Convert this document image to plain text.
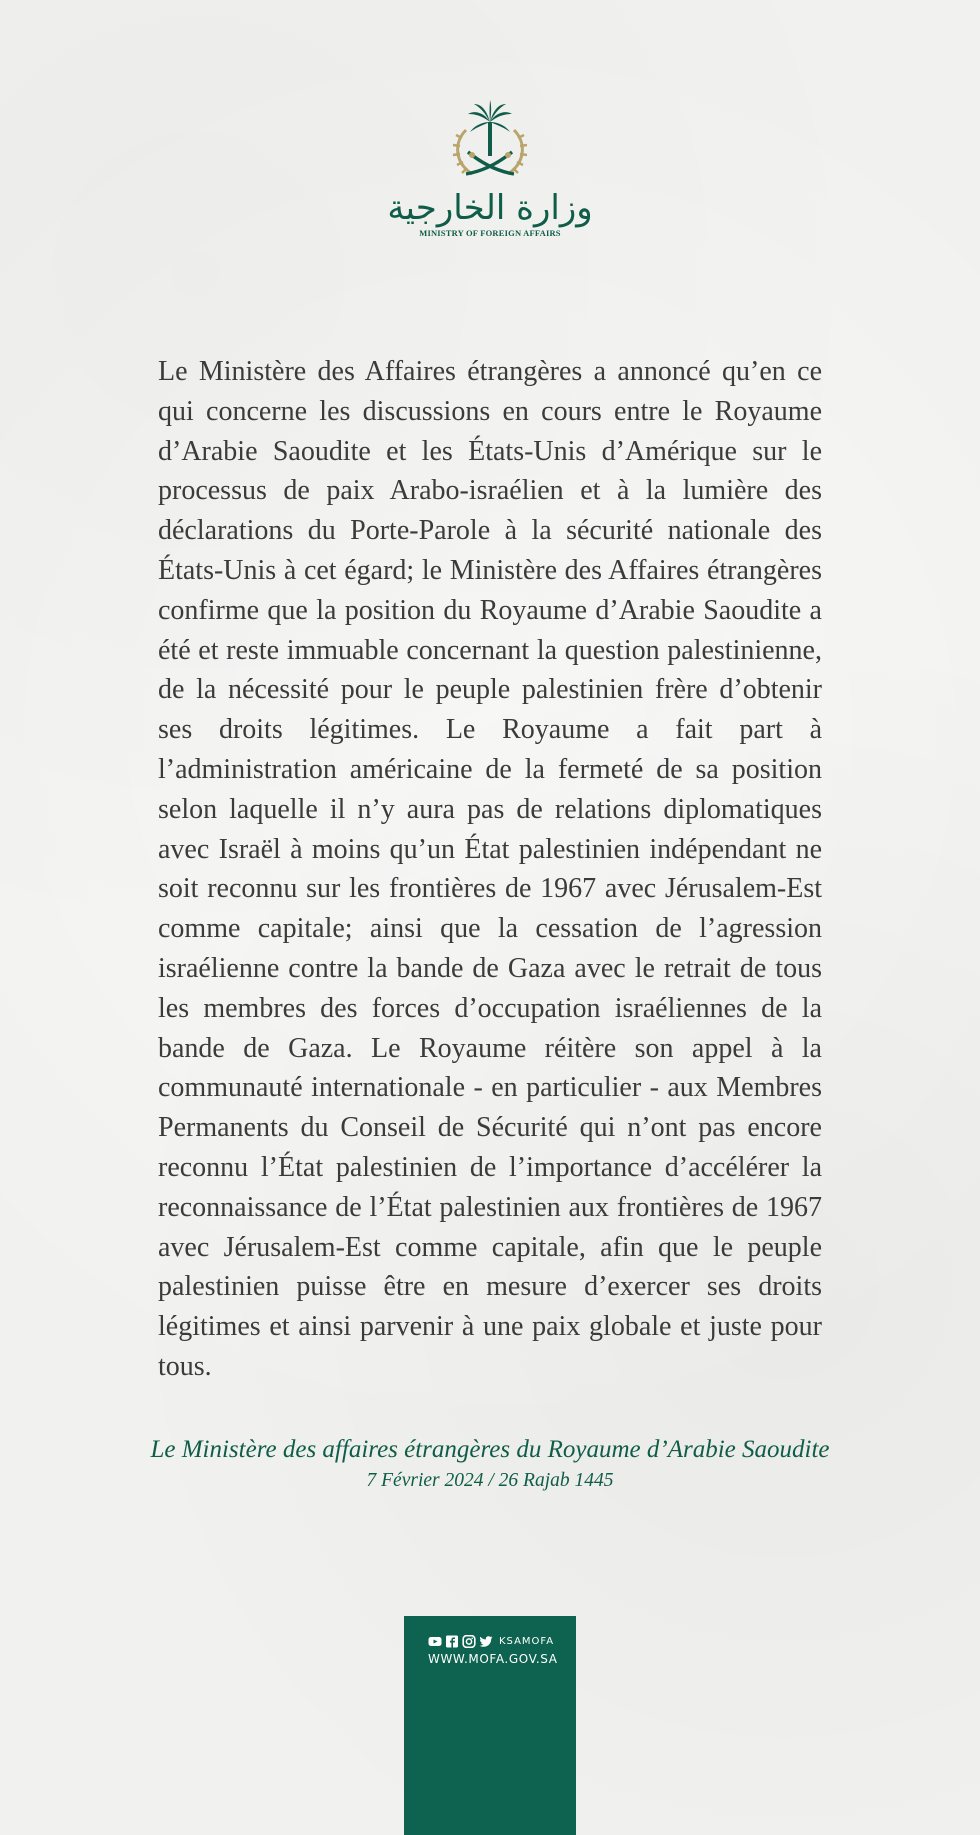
وزارة الخارجية
MINISTRY OF FOREIGN AFFAIRS

Le Ministère des Affaires étrangères a annoncé qu’en ce qui concerne les discussions en cours entre le Royaume d’Arabie Saoudite et les États-Unis d’Amérique sur le processus de paix Arabo-israélien et à la lumière des déclarations du Porte-Parole à la sécurité nationale des États-Unis à cet égard; le Ministère des Affaires étrangères confirme que la position du Royaume d’Arabie Saoudite a été et reste immuable concernant la question palestinienne, de la nécessité pour le peuple palestinien frère d’obtenir ses droits légitimes. Le Royaume a fait part à l’administration américaine de la fermeté de sa position selon laquelle il n’y aura pas de relations diplomatiques avec Israël à moins qu’un État palestinien indépendant ne soit reconnu sur les frontières de 1967 avec Jérusalem-Est comme capitale; ainsi que la cessation de l’agression israélienne contre la bande de Gaza avec le retrait de tous les membres des forces d’occupation israéliennes de la bande de Gaza. Le Royaume réitère son appel à la communauté internationale - en particulier - aux Membres Permanents du Conseil de Sécurité qui n’ont pas encore reconnu l’État palestinien de l’importance d’accélérer la reconnaissance de l’État palestinien aux frontières de 1967 avec Jérusalem-Est comme capitale, afin que le peuple palestinien puisse être en mesure d’exercer ses droits légitimes et ainsi parvenir à une paix globale et juste pour tous.

Le Ministère des affaires étrangères du Royaume d’Arabie Saoudite
7 Février 2024 / 26 Rajab 1445
KSAMOFA
WWW.MOFA.GOV.SA
